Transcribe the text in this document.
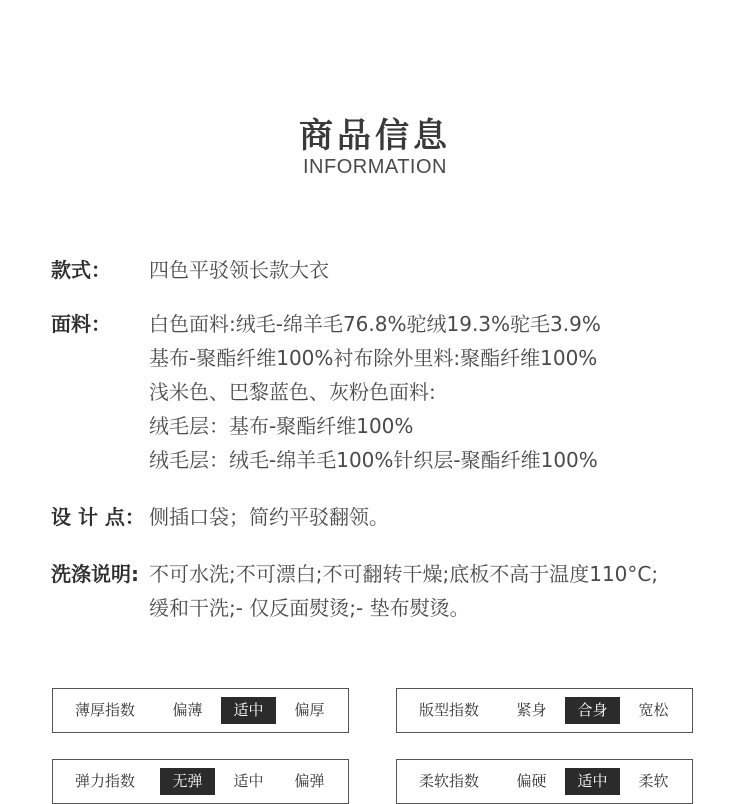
商品信息
INFORMATION
款式： 四色平驳领长款大衣
面料： 白色面料:绒毛-绵羊毛76.8%驼绒19.3%驼毛3.9%
基布-聚酯纤维100%衬布除外里料:聚酯纤维100%
浅米色、巴黎蓝色、灰粉色面料:
绒毛层：基布-聚酯纤维100%
绒毛层：绒毛-绵羊毛100%针织层-聚酯纤维100%
设 计 点： 侧插口袋；简约平驳翻领。
洗涤说明: 不可水洗;不可漂白;不可翻转干燥;底板不高于温度110°C;
缓和干洗;- 仅反面熨烫;- 垫布熨烫。
薄厚指数	偏薄	适中	偏厚	版型指数	紧身	合身	宽松
弹力指数	无弹	适中	偏弹	柔软指数	偏硬	适中	柔软
